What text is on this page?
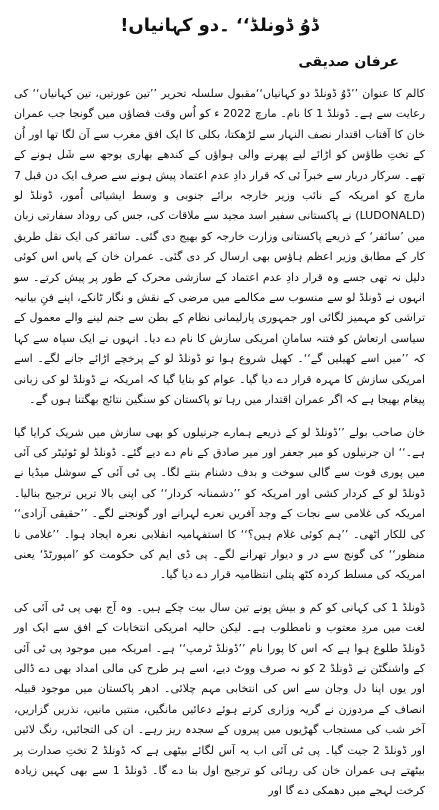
ڈوُ ڈونلڈ‘‘ ۔دو کہانیاں!
عرفان صدیقی

کالم کا عنوان ’’ڈوُ ڈونلڈ دو کہانیاں‘‘مقبول سلسلہ تحریر ’’تین عورتیں، تین کہانیاں‘‘ کی رعایت سے ہے۔ ڈونلڈ 1 کا نام۔ مارچ 2022 ء کو اُس وقت فضاؤں میں گونجا جب عمران خان کا آفتاب اقتدار نصف النہار سے لڑھکتا، بکلی کا ایک افق مغرب سے آن لگا تھا اور اُن کے تختِ طاؤس کو اڑائے لیے پھرنے والی ہواؤں کے کندھے بھاری بوجھ سے شَل ہونے کے تھے۔ سرکار دربار سے خبرآ ئی کہ قرار دادِ عدم اعتماد پیش ہونے سے صرف ایک دن قبل 7 مارچ کو امریکہ کے نائب وزیر خارجہ برائے جنوبی و وسط ایشیائی اُمور، ڈونلڈ لو (LUDONALD) نے پاکستانی سفیر اسد مجید سے ملاقات کی، جس کی روداد سفارتی زبان میں ’سائفر‘ کے ذریعے پاکستانی وزارت خارجہ کو بھیج دی گئی۔ سائفر کی ایک نقل طریق کار کے مطابق وزیر اعظم ہاؤس بھی ارسال کر دی گئی۔ عمران خان کے پاس اس کوئی دلیل نہ تھی جسے وہ قرار دادِ عدم اعتماد کے سازشی محرک کے طور پر پیش کرتے۔ سو انہوں نے ڈونلڈ لو سے منسوب سے مکالمے میں مرضی کے نقش و نگار ٹانکے، اپنے فنِ بیانیہ تراشی کو مہمیز لگائی اور جمہوری پارلیمانی نظام کے بطن سے جنم لینے والے معمول کے سیاسی ارتعاش کو فتنہ سامانِ امریکی سازش کا نام دے دیا۔ انہوں نے ایک سپاہ سے کہا کہ ’’میں اسے کھیلیں گے‘‘۔ کھیل شروع ہوا تو ڈونلڈ لو کے پرخچے اڑائے جانے لگے۔ اسے امریکی سازش کا مہرہ قرار دے دیا گیا۔ عوام کو بتایا گیا کہ امریکہ نے ڈونلڈ لو کی زبانی پیغام بھیجا ہے کہ اگر عمران اقتدار میں رہا تو پاکستان کو سنگین نتائج بھگتنا ہوں گے۔

خان صاحب بولے ’’ڈونلڈ لو کے ذریعے ہمارے جرنیلوں کو بھی سازش میں شریک کرایا گیا ہے۔‘‘ ان جرنیلوں کو میر جعفر اور میر صادق کے نام دے دیے گئے۔ ڈونلڈ لو ٹوئیٹر کی آئی میں پوری قوت سے گالی سوخت و بدف دشنام بنتے لگا۔ پی ٹی آئی کے سوشل میڈیا نے ڈونلڈ لو کے کردار کشی اور امریکہ کو ’’دشمنانہ کردار‘‘ کی اپنی بالا تریں ترجیح بنالیا۔ امریکہ کی غلامی سے نجات کے وجد آفریں نعرے لہرانے اور گونجنے لگے۔ ’’حقیقی آزادی‘‘ کی للکار اٹھی۔ ’’ہم کوئی غلام ہیں؟‘‘ کا استفہامیہ انقلابی نعرہ ایجاد ہوا۔ ’’غلامی نا منظور‘‘ کی گونج سے در و دیوار تھرانے لگے۔ پی ڈی ایم کی حکومت کو ’امپورٹڈ‘ یعنی امریکہ کی مسلط کردہ کٹھ پتلی انتظامیہ قرار دے دیا گیا۔

ڈونلڈ 1 کی کہانی کو کم و بیش پونے تین سال بیت چکے ہیں۔ وہ آج بھی پی ٹی آئی کی لغت میں مردِ معتوب و نامطلوب ہے۔ لیکن حالیہ امریکی انتخابات کے افق سے ایک اور ڈونلڈ طلوع ہوا ہے کہ اس کا پورا نام ’’ڈونلڈ ٹرمپ‘‘ ہے۔ امریکہ میں موجود پی ٹی آئی کے واشنگٹن نے ڈونلڈ 2 کو نہ صرف ووٹ دیے، اسے ہر طرح کی مالی امداد بھی دے ڈالی اور یوں اپنا دل وجان سے اس کی انتخابی مہم چلائی۔ ادھر پاکستان میں موجود قبیلہ انصاف کے مردوزن نے گریہ وزاری کرتے ہوئے دعائیں مانگیں، منتیں مانیں، نذریں گزاریں، آخر شب کی مستجاب گھڑیوں میں پیروں کے سجدہ ریز رہے۔ ان کی التجائیں، رنگ لائیں اور ڈونلڈ 2 جیت گیا۔ پی ٹی آئی اب یہ آس لگائے بیٹھی ہے کہ ڈونلڈ 2 تختِ صدارت پر بیٹھتے ہی عمران خان کی رہائی کو ترجیح اول بنا دے گا۔ ڈونلڈ 1 سے بھی کہیں زیادہ کرخت لہجے میں دھمکی دے گا اور
